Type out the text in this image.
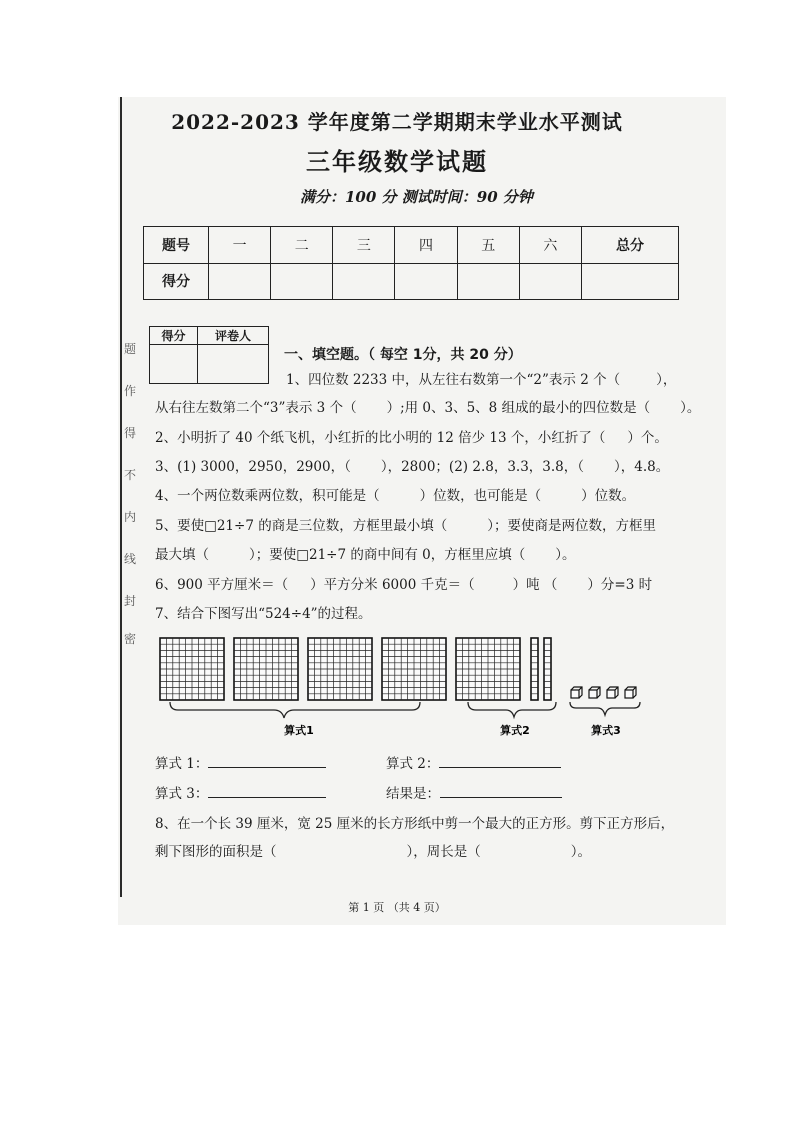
题
作
得
不
内
线
封
密
2022-2023 学年度第二学期期末学业水平测试
三年级数学试题
满分：100 分 测试时间：90 分钟
题号	一	二	三	四	五	六	总分
得分							
得分	评卷人

一、填空题。（ 每空 1分，共 20 分）
1、四位数 2233 中，从左往右数第一个“2”表示 2 个（	），
从右往左数第二个“3”表示 3 个（ ）;用 0、3、5、8 组成的最小的四位数是（ ）。
2、小明折了 40 个纸飞机，小红折的比小明的 12 倍少 13 个，小红折了（ ）个。
3、(1) 3000，2950，2900，（ ），2800；(2) 2.8，3.3，3.8，（ ），4.8。
4、一个两位数乘两位数，积可能是（	）位数，也可能是（	）位数。
5、要使□21÷7 的商是三位数，方框里最小填（	）；要使商是两位数，方框里
最大填（	）；要使□21÷7 的商中间有 0，方框里应填（ ）。
6、900 平方厘米＝（ ）平方分米 6000 千克＝（	）吨 （ ）分=3 时
7、结合下图写出“524÷4”的过程。
算式1	算式2	算式3
算式 1：	算式 2：
算式 3：	结果是：
8、在一个长 39 厘米，宽 25 厘米的长方形纸中剪一个最大的正方形。剪下正方形后，
剩下图形的面积是（	），周长是（	）。
第 1 页 （共 4 页）
